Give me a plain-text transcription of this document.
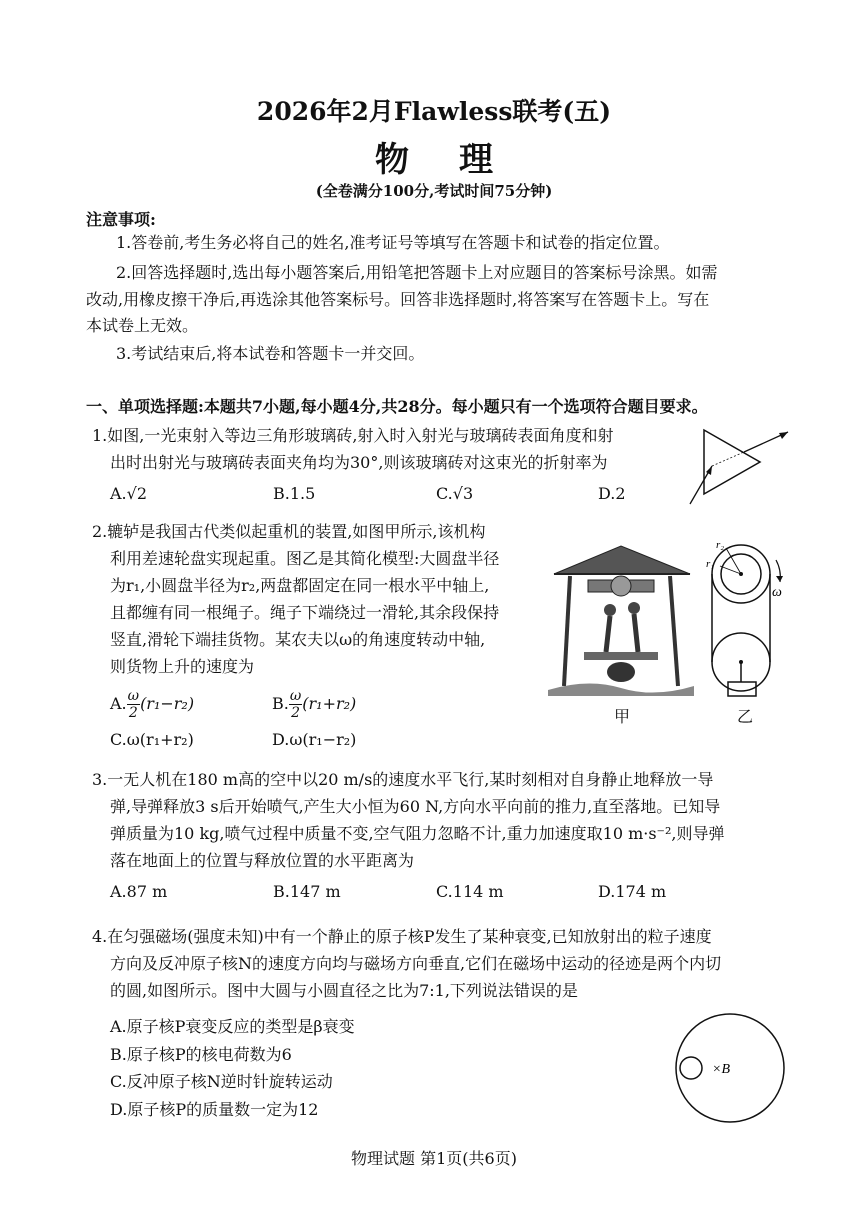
2026年2月Flawless联考(五)
物理
(全卷满分100分,考试时间75分钟)
注意事项:
1.答卷前,考生务必将自己的姓名,准考证号等填写在答题卡和试卷的指定位置。
2.回答选择题时,选出每小题答案后,用铅笔把答题卡上对应题目的答案标号涂黑。如需
改动,用橡皮擦干净后,再选涂其他答案标号。回答非选择题时,将答案写在答题卡上。写在
本试卷上无效。
3.考试结束后,将本试卷和答题卡一并交回。
一、单项选择题:本题共7小题,每小题4分,共28分。每小题只有一个选项符合题目要求。
1.如图,一光束射入等边三角形玻璃砖,射入时入射光与玻璃砖表面角度和射
出时出射光与玻璃砖表面夹角均为30°,则该玻璃砖对这束光的折射率为
A.√2	B.1.5	C.√3	D.2
2.辘轳是我国古代类似起重机的装置,如图甲所示,该机构
利用差速轮盘实现起重。图乙是其简化模型:大圆盘半径
为r₁,小圆盘半径为r₂,两盘都固定在同一根水平中轴上,
且都缠有同一根绳子。绳子下端绕过一滑轮,其余段保持
竖直,滑轮下端挂货物。某农夫以ω的角速度转动中轴,
则货物上升的速度为
A. $\frac{\omega}{2} (r_1-r_2)$	B. $\frac{\omega}{2} (r_1+r_2)$
C.ω(r₁+r₂)	D.ω(r₁−r₂)
甲
r₂
r₁
ω
乙
3.一无人机在180 m高的空中以20 m/s的速度水平飞行,某时刻相对自身静止地释放一导
弹,导弹释放3 s后开始喷气,产生大小恒为60 N,方向水平向前的推力,直至落地。已知导
弹质量为10 kg,喷气过程中质量不变,空气阻力忽略不计,重力加速度取10 m·s⁻²,则导弹
落在地面上的位置与释放位置的水平距离为
A.87 m	B.147 m	C.114 m	D.174 m
4.在匀强磁场(强度未知)中有一个静止的原子核P发生了某种衰变,已知放射出的粒子速度
方向及反冲原子核N的速度方向均与磁场方向垂直,它们在磁场中运动的径迹是两个内切
的圆,如图所示。图中大圆与小圆直径之比为7:1,下列说法错误的是
A.原子核P衰变反应的类型是β衰变
B.原子核P的核电荷数为6
C.反冲原子核N逆时针旋转运动
D.原子核P的质量数一定为12
×B
物理试题 第1页(共6页)
